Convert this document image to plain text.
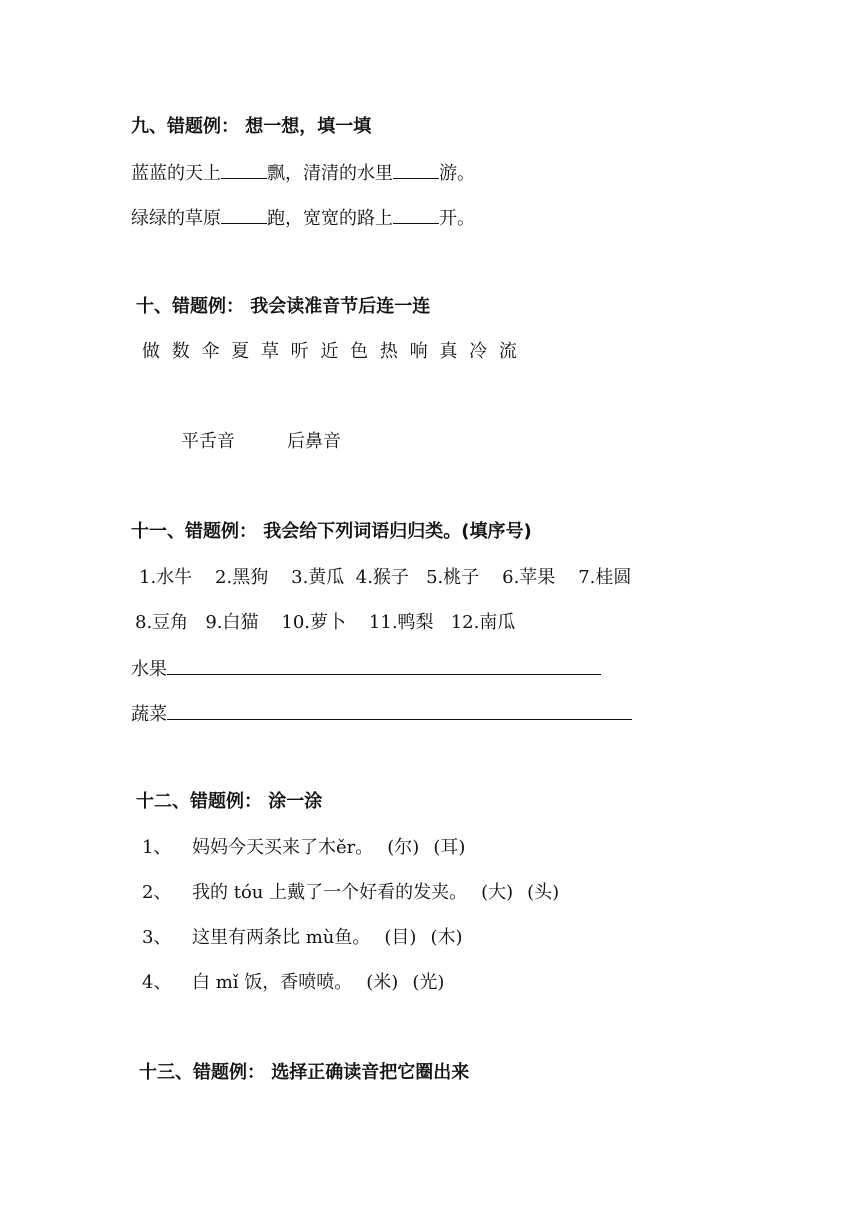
九、错题例： 想一想，填一填
蓝蓝的天上	飘，清清的水里	游。
绿绿的草原	跑，宽宽的路上	开。
十、错题例： 我会读准音节后连一连
做 数 伞 夏 草 听 近 色 热 响 真 冷 流
平舌音	后鼻音
十一、错题例： 我会给下列词语归归类。(填序号)
1.水牛    2.黑狗    3.黄瓜  4.猴子   5.桃子    6.苹果    7.桂圆
8.豆角   9.白猫    10.萝卜    11.鸭梨   12.南瓜
水果
蔬菜
十二、错题例： 涂一涂
1、 妈妈今天买来了木ěr。 (尔) (耳)
2、 我的 tóu 上戴了一个好看的发夹。 (大) (头)
3、 这里有两条比 mù鱼。 (目) (木)
4、 白 mǐ 饭，香喷喷。 (米) (光)
十三、错题例： 选择正确读音把它圈出来
